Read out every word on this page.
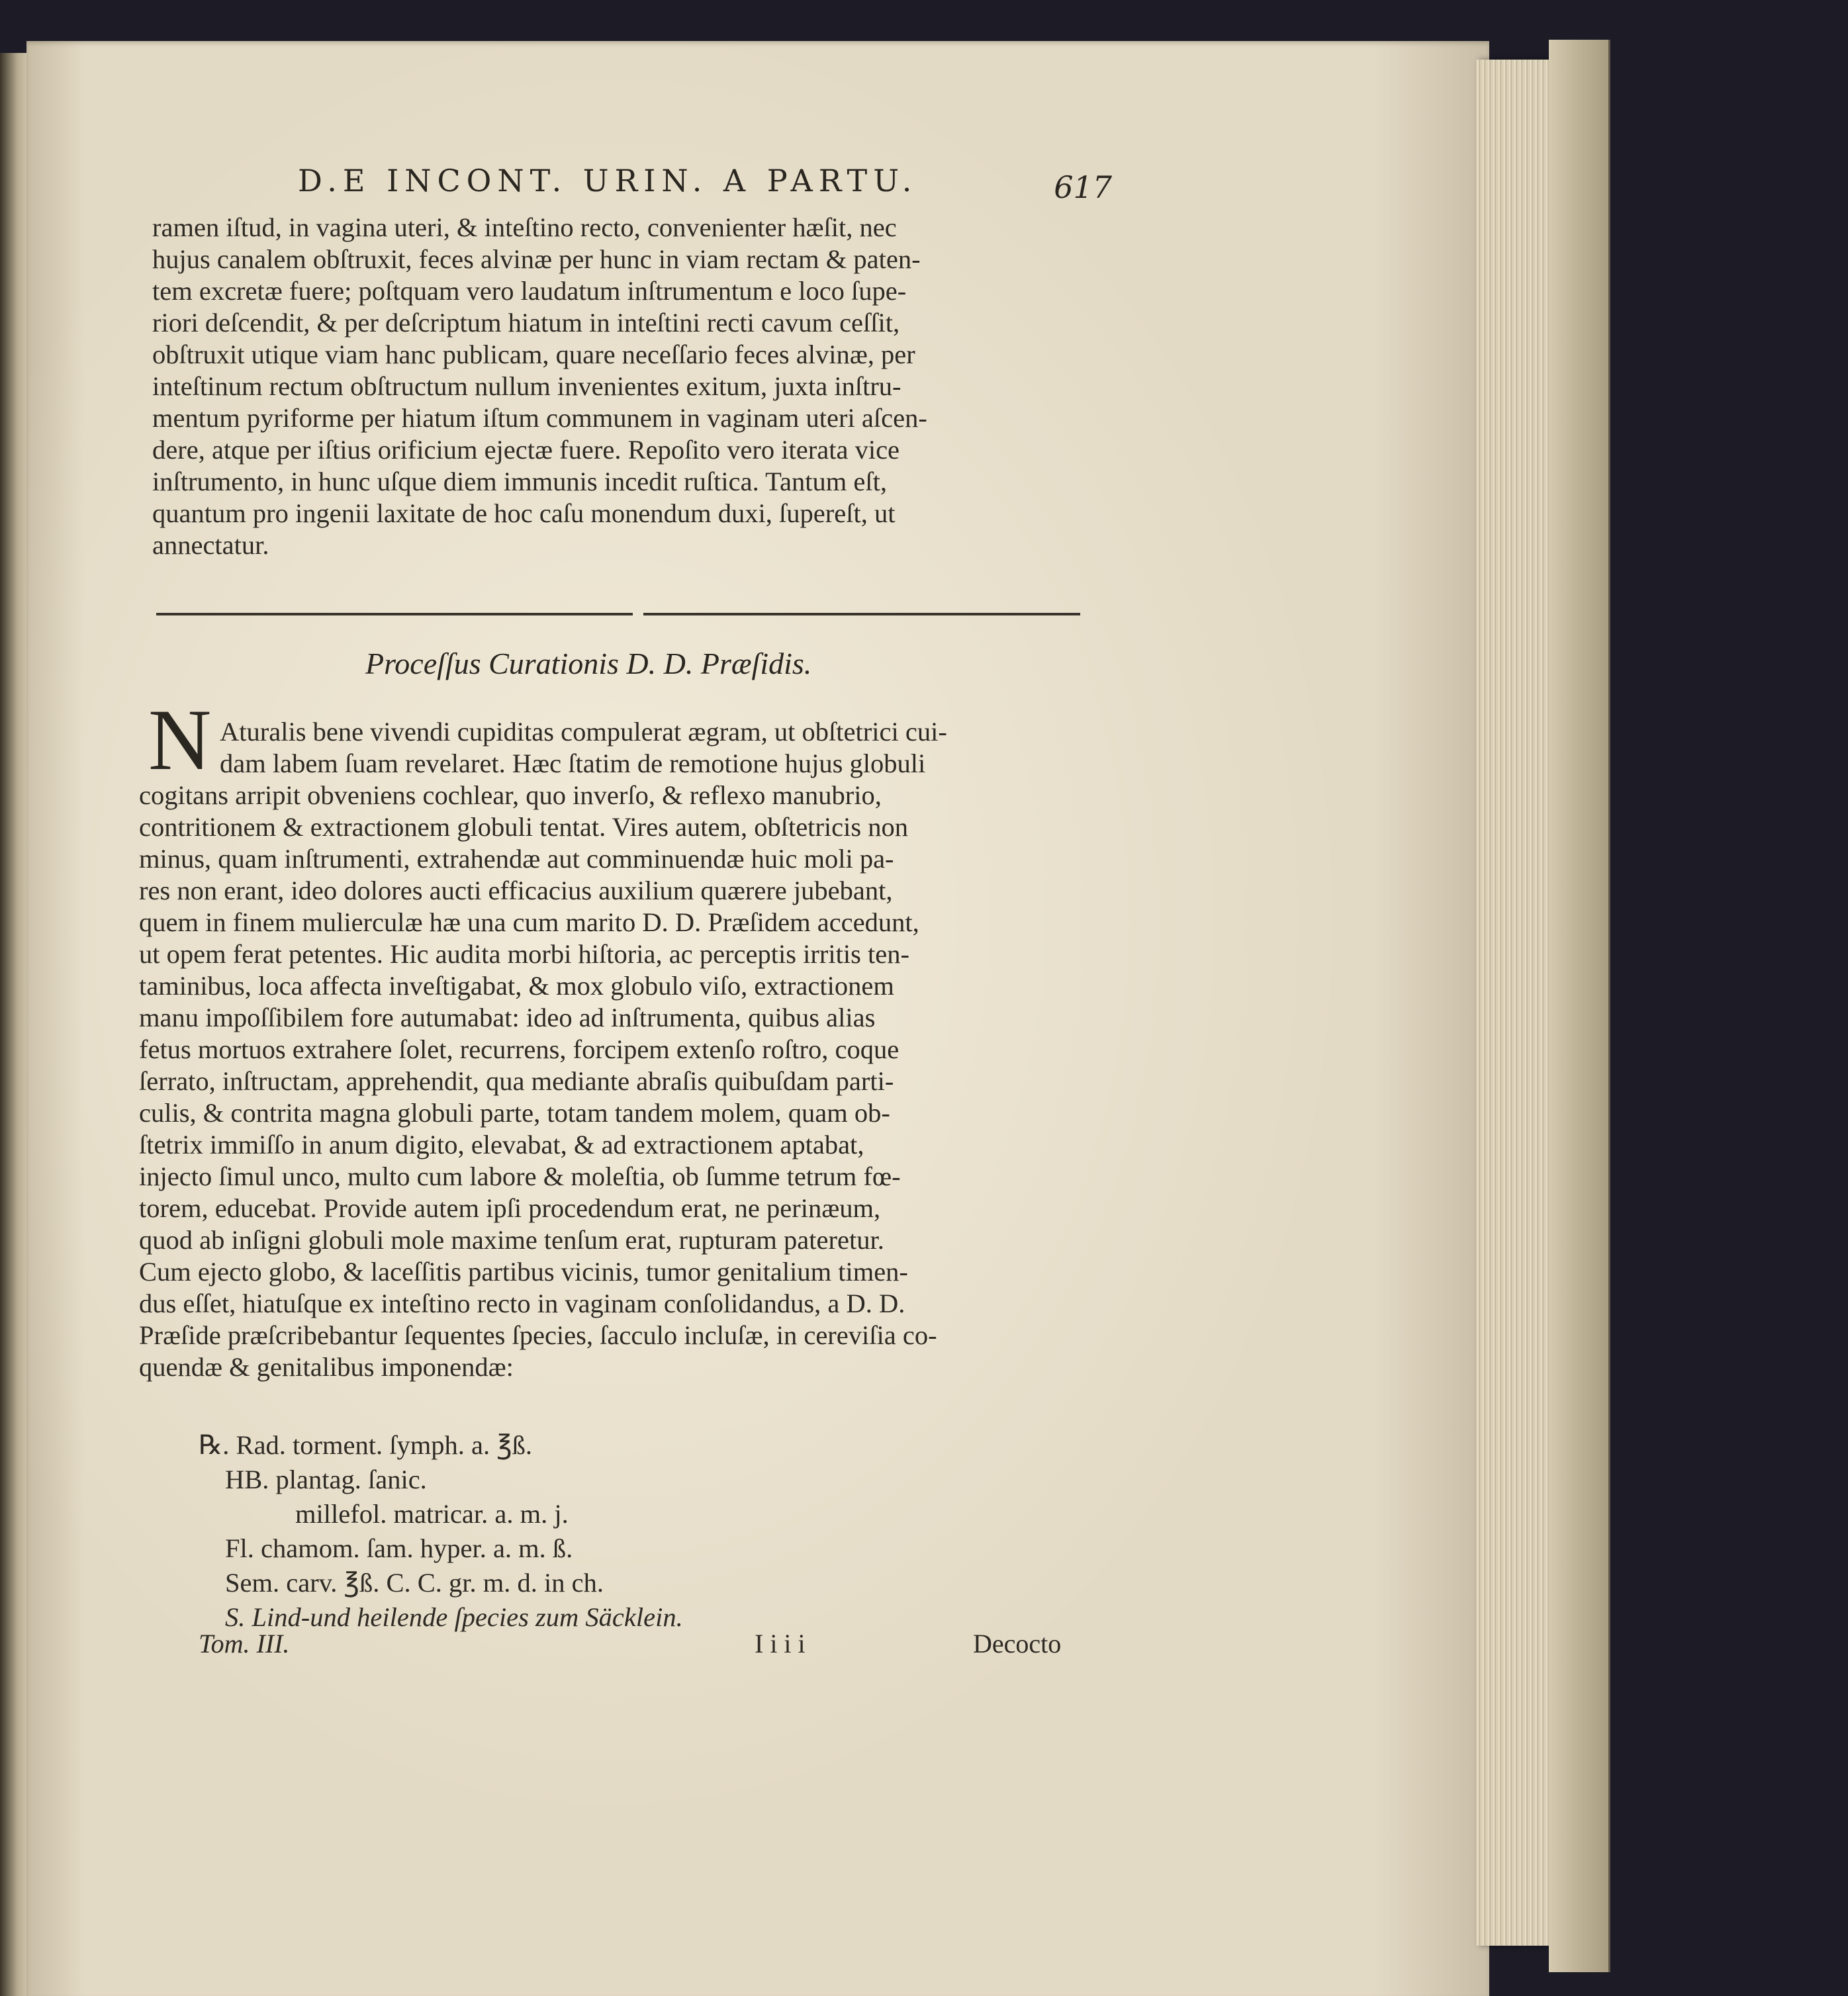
D.E INCONT. URIN. A PARTU.	617
ramen iſtud, in vagina uteri, & inteſtino recto, convenienter hæſit, nec
hujus canalem obſtruxit, feces alvinæ per hunc in viam rectam & paten-
tem excretæ fuere; poſtquam vero laudatum inſtrumentum e loco ſupe-
riori deſcendit, & per deſcriptum hiatum in inteſtini recti cavum ceſſit,
obſtruxit utique viam hanc publicam, quare neceſſario feces alvinæ, per
inteſtinum rectum obſtructum nullum invenientes exitum, juxta inſtru-
mentum pyriforme per hiatum iſtum communem in vaginam uteri aſcen-
dere, atque per iſtius orificium ejectæ fuere. Repoſito vero iterata vice
inſtrumento, in hunc uſque diem immunis incedit ruſtica. Tantum eſt,
quantum pro ingenii laxitate de hoc caſu monendum duxi, ſupereſt, ut
annectatur.
Proceſſus Curationis D. D. Præſidis.
N Aturalis bene vivendi cupiditas compulerat ægram, ut obſtetrici cui-
dam labem ſuam revelaret. Hæc ſtatim de remotione hujus globuli
cogitans arripit obveniens cochlear, quo inverſo, & reflexo manubrio,
contritionem & extractionem globuli tentat. Vires autem, obſtetricis non
minus, quam inſtrumenti, extrahendæ aut comminuendæ huic moli pa-
res non erant, ideo dolores aucti efficacius auxilium quærere jubebant,
quem in finem mulierculæ hæ una cum marito D. D. Præſidem accedunt,
ut opem ferat petentes. Hic audita morbi hiſtoria, ac perceptis irritis ten-
taminibus, loca affecta inveſtigabat, & mox globulo viſo, extractionem
manu impoſſibilem fore autumabat: ideo ad inſtrumenta, quibus alias
fetus mortuos extrahere ſolet, recurrens, forcipem extenſo roſtro, coque
ſerrato, inſtructam, apprehendit, qua mediante abraſis quibuſdam parti-
culis, & contrita magna globuli parte, totam tandem molem, quam ob-
ſtetrix immiſſo in anum digito, elevabat, & ad extractionem aptabat,
injecto ſimul unco, multo cum labore & moleſtia, ob ſumme tetrum fœ-
torem, educebat. Provide autem ipſi procedendum erat, ne perinæum,
quod ab inſigni globuli mole maxime tenſum erat, rupturam pateretur.
Cum ejecto globo, & laceſſitis partibus vicinis, tumor genitalium timen-
dus eſſet, hiatuſque ex inteſtino recto in vaginam conſolidandus, a D. D.
Præſide præſcribebantur ſequentes ſpecies, ſacculo incluſæ, in cereviſia co-
quendæ & genitalibus imponendæ:
℞. Rad. torment. ſymph. a. ℥ß.
HB. plantag. ſanic.
millefol. matricar. a. m. j.
Fl. chamom. ſam. hyper. a. m. ß.
Sem. carv. ℥ß. C. C. gr. m. d. in ch.
S. Lind-und heilende ſpecies zum Säcklein.
Tom. III.	I i i i	Decocto
